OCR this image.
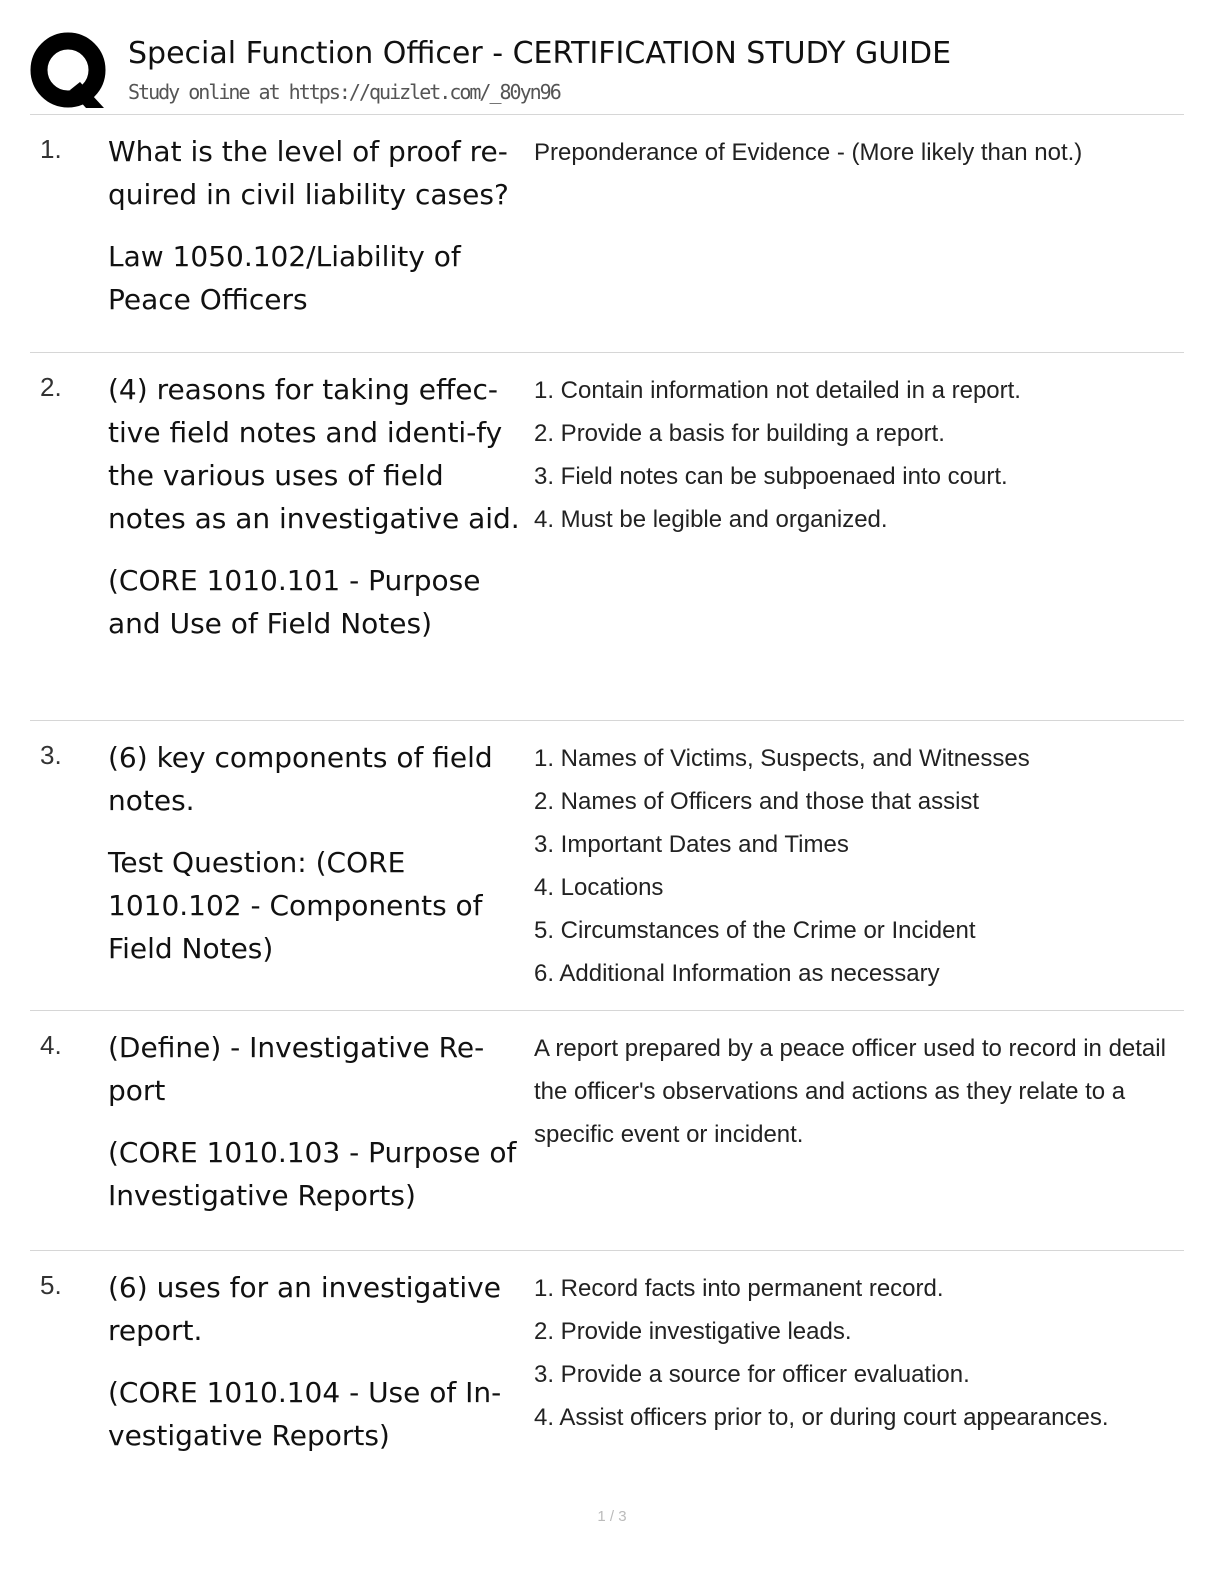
Special Function Officer - CERTIFICATION STUDY GUIDE
Study online at https://quizlet.com/_80yn96
1. What is the level of proof re-quired in civil liability cases?

Law 1050.102/Liability of Peace Officers

Preponderance of Evidence - (More likely than not.)

2. (4) reasons for taking effec-tive field notes and identi-fy the various uses of field notes as an investigative aid.

(CORE 1010.101 - Purpose and Use of Field Notes)

1. Contain information not detailed in a report.

2. Provide a basis for building a report.

3. Field notes can be subpoenaed into court.

4. Must be legible and organized.

3. (6) key components of field notes.

Test Question: (CORE 1010.102 - Components of Field Notes)

1. Names of Victims, Suspects, and Witnesses

2. Names of Officers and those that assist

3. Important Dates and Times

4. Locations

5. Circumstances of the Crime or Incident

6. Additional Information as necessary

4. (Define) - Investigative Re-port

(CORE 1010.103 - Purpose of Investigative Reports)

A report prepared by a peace officer used to record in detail the officer's observations and actions as they relate to a specific event or incident.

5. (6) uses for an investigative report.

(CORE 1010.104 - Use of In-vestigative Reports)

1. Record facts into permanent record.

2. Provide investigative leads.

3. Provide a source for officer evaluation.

4. Assist officers prior to, or during court appearances.

1 / 3
